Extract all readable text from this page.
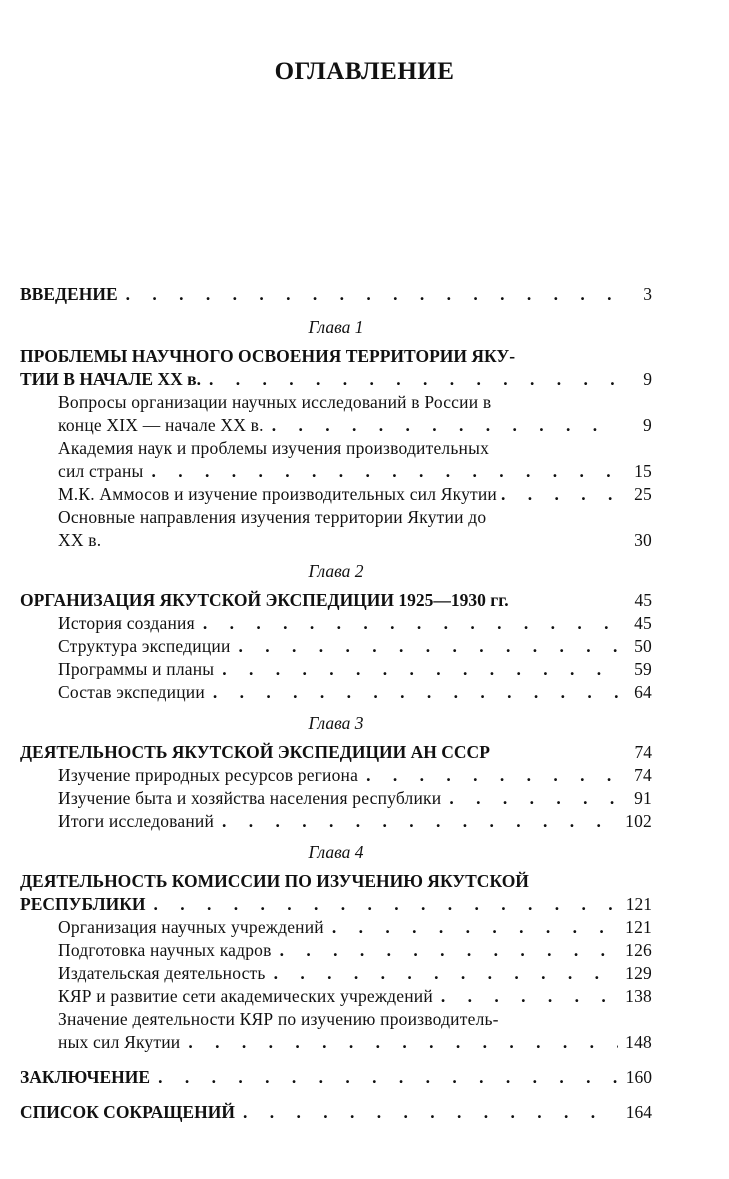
ОГЛАВЛЕНИЕ
ВВЕДЕНИЕ . . .	3
Глава 1
ПРОБЛЕМЫ НАУЧНОГО ОСВОЕНИЯ ТЕРРИТОРИИ ЯКУ-
ТИИ В НАЧАЛЕ XX в. . . .	9
Вопросы организации научных исследований в России в
конце XIX — начале XX в. . . .	9
Академия наук и проблемы изучения производительных
сил страны . . .	15
М.К. Аммосов и изучение производительных сил Якутии . . .	25
Основные направления изучения территории Якутии до
XX в.	30
Глава 2
ОРГАНИЗАЦИЯ ЯКУТСКОЙ ЭКСПЕДИЦИИ 1925—1930 гг.	45
История создания . . .	45
Структура экспедиции . . .	50
Программы и планы . . .	59
Состав экспедиции . . .	64
Глава 3
ДЕЯТЕЛЬНОСТЬ ЯКУТСКОЙ ЭКСПЕДИЦИИ АН СССР	74
Изучение природных ресурсов региона . . .	74
Изучение быта и хозяйства населения республики . . .	91
Итоги исследований . . .	102
Глава 4
ДЕЯТЕЛЬНОСТЬ КОМИССИИ ПО ИЗУЧЕНИЮ ЯКУТСКОЙ
РЕСПУБЛИКИ . . .	121
Организация научных учреждений . . .	121
Подготовка научных кадров . . .	126
Издательская деятельность . . .	129
КЯР и развитие сети академических учреждений . . .	138
Значение деятельности КЯР по изучению производитель-
ных сил Якутии . . .	148
ЗАКЛЮЧЕНИЕ . . .	160
СПИСОК СОКРАЩЕНИЙ . . .	164
